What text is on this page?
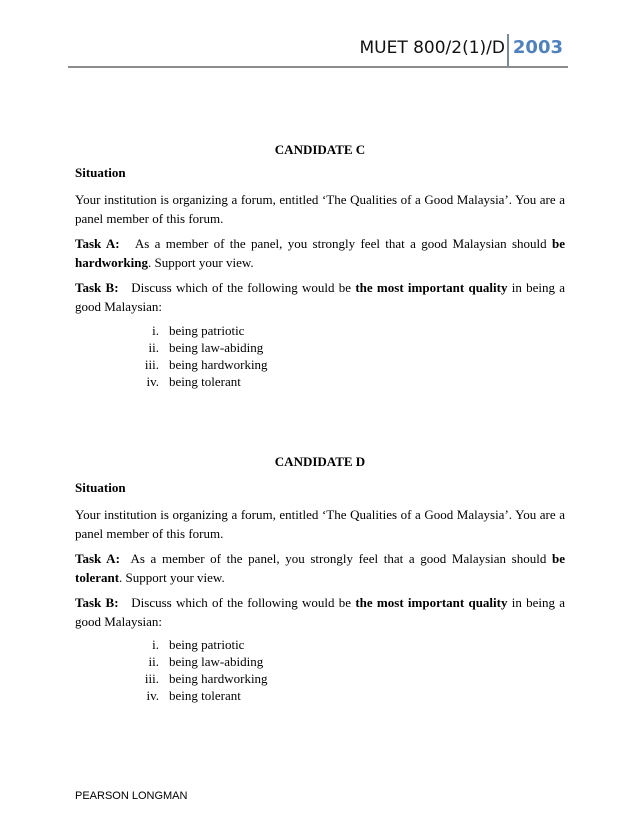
MUET 800/2(1)/D 2003
CANDIDATE C

Situation

Your institution is organizing a forum, entitled ‘The Qualities of a Good Malaysia’. You are a panel member of this forum.

Task A: As a member of the panel, you strongly feel that a good Malaysian should be hardworking. Support your view.

Task B: Discuss which of the following would be the most important quality in being a good Malaysian:

i. being patriotic
ii. being law-abiding
iii. being hardworking
iv. being tolerant
CANDIDATE D

Situation

Your institution is organizing a forum, entitled ‘The Qualities of a Good Malaysia’. You are a panel member of this forum.

Task A: As a member of the panel, you strongly feel that a good Malaysian should be tolerant. Support your view.

Task B: Discuss which of the following would be the most important quality in being a good Malaysian:

i. being patriotic
ii. being law-abiding
iii. being hardworking
iv. being tolerant
PEARSON LONGMAN
